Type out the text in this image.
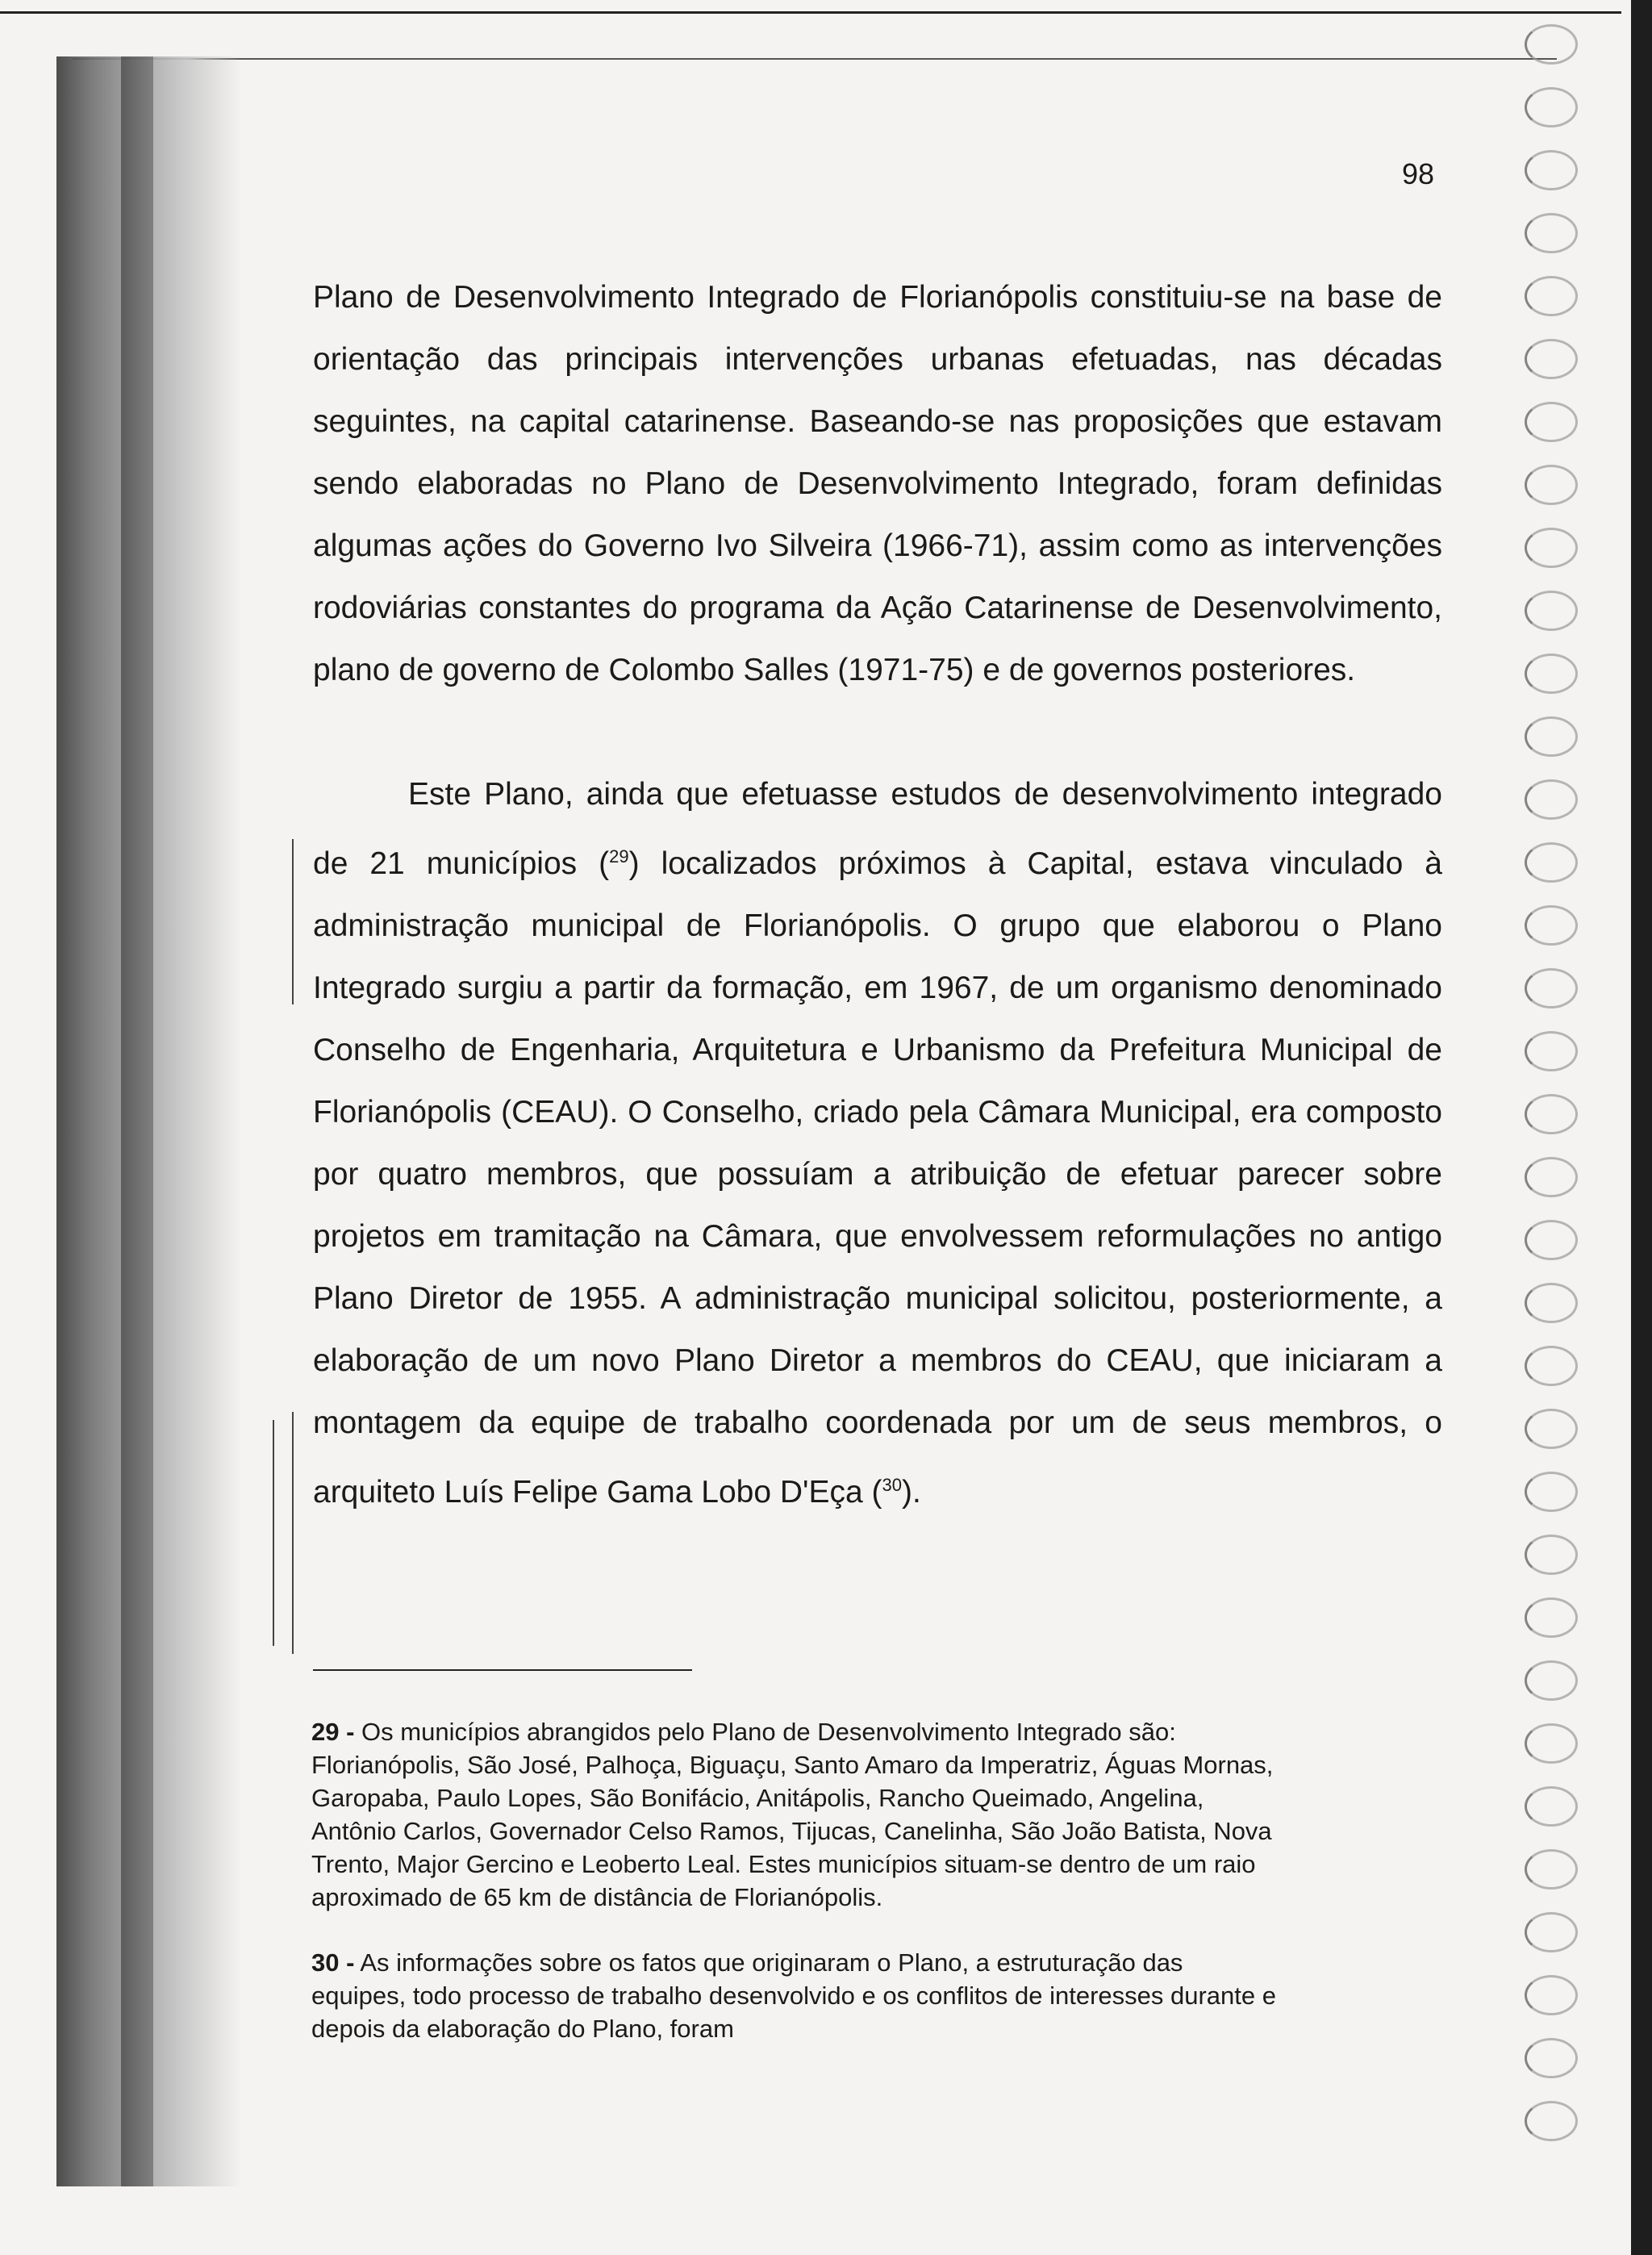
98

Plano de Desenvolvimento Integrado de Florianópolis constituiu-se na base de orientação das principais intervenções urbanas efetuadas, nas décadas seguintes, na capital catarinense. Baseando-se nas proposições que estavam sendo elaboradas no Plano de Desenvolvimento Integrado, foram definidas algumas ações do Governo Ivo Silveira (1966-71), assim como as intervenções rodoviárias constantes do programa da Ação Catarinense de Desenvolvimento, plano de governo de Colombo Salles (1971-75) e de governos posteriores.

Este Plano, ainda que efetuasse estudos de desenvolvimento integrado de 21 municípios ($^{29}$) localizados próximos à Capital, estava vinculado à administração municipal de Florianópolis. O grupo que elaborou o Plano Integrado surgiu a partir da formação, em 1967, de um organismo denominado Conselho de Engenharia, Arquitetura e Urbanismo da Prefeitura Municipal de Florianópolis (CEAU). O Conselho, criado pela Câmara Municipal, era composto por quatro membros, que possuíam a atribuição de efetuar parecer sobre projetos em tramitação na Câmara, que envolvessem reformulações no antigo Plano Diretor de 1955. A administração municipal solicitou, posteriormente, a elaboração de um novo Plano Diretor a membros do CEAU, que iniciaram a montagem da equipe de trabalho coordenada por um de seus membros, o arquiteto Luís Felipe Gama Lobo D'Eça ($^{30}$).

29 - Os municípios abrangidos pelo Plano de Desenvolvimento Integrado são: Florianópolis, São José, Palhoça, Biguaçu, Santo Amaro da Imperatriz, Águas Mornas, Garopaba, Paulo Lopes, São Bonifácio, Anitápolis, Rancho Queimado, Angelina, Antônio Carlos, Governador Celso Ramos, Tijucas, Canelinha, São João Batista, Nova Trento, Major Gercino e Leoberto Leal. Estes municípios situam-se dentro de um raio aproximado de 65 km de distância de Florianópolis.

30 - As informações sobre os fatos que originaram o Plano, a estruturação das equipes, todo processo de trabalho desenvolvido e os conflitos de interesses durante e depois da elaboração do Plano, foram
